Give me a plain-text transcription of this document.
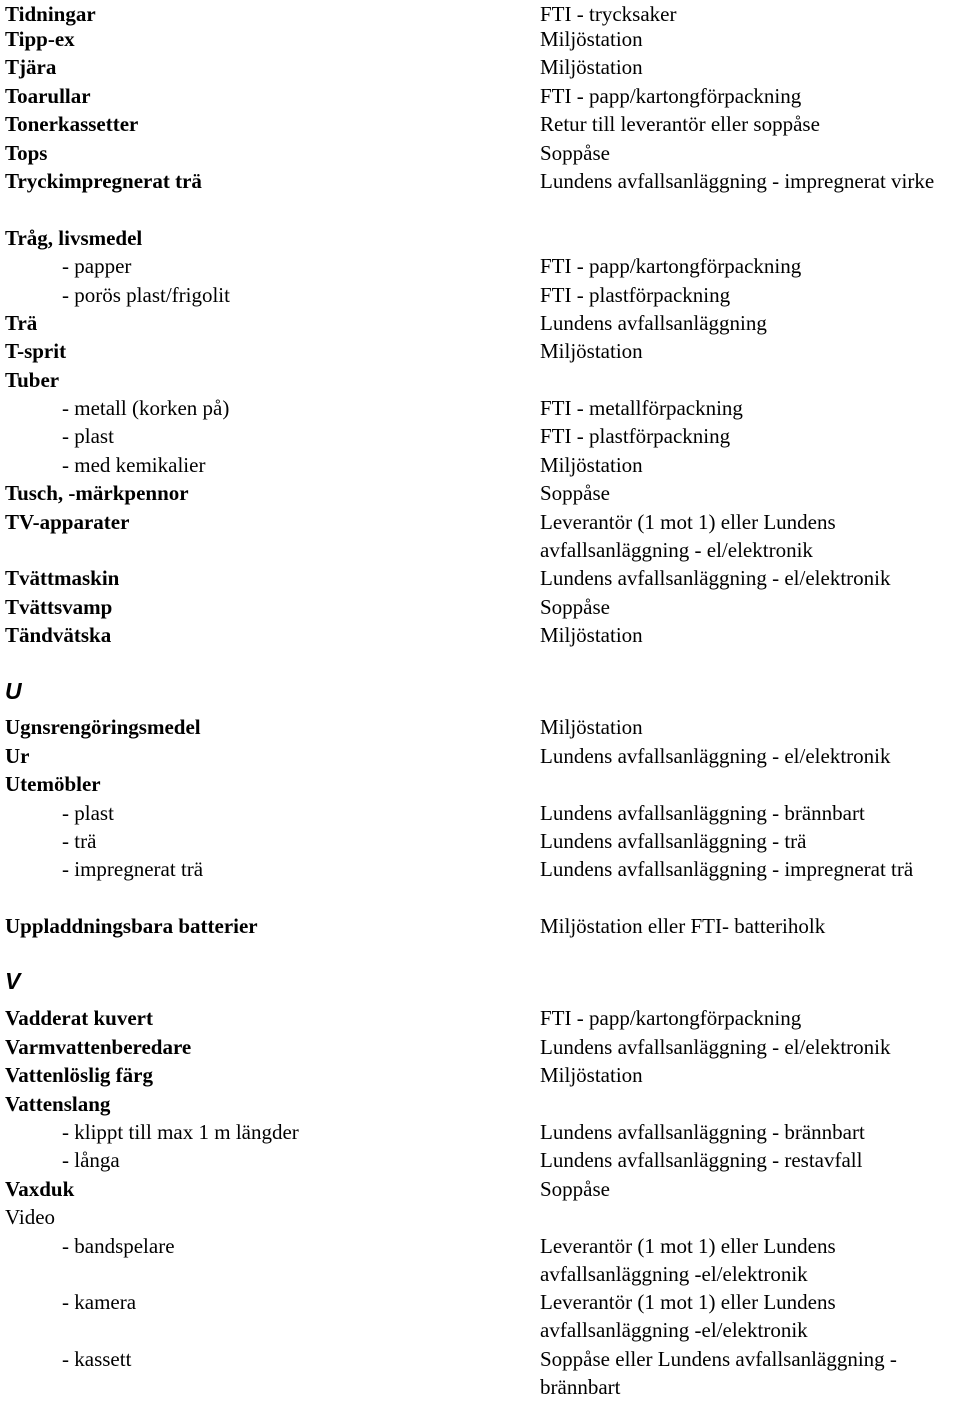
Tidningar	FTI - trycksaker
Tipp-ex	Miljöstation
Tjära	Miljöstation
Toarullar	FTI - papp/kartongförpackning
Tonerkassetter	Retur till leverantör eller soppåse
Tops	Soppåse
Tryckimpregnerat trä	Lundens avfallsanläggning - impregnerat virke
Tråg, livsmedel
- papper	FTI - papp/kartongförpackning
- porös plast/frigolit	FTI - plastförpackning
Trä	Lundens avfallsanläggning
T-sprit	Miljöstation
Tuber
- metall (korken på)	FTI - metallförpackning
- plast	FTI - plastförpackning
- med kemikalier	Miljöstation
Tusch, -märkpennor	Soppåse
TV-apparater	Leverantör (1 mot 1) eller Lundens avfallsanläggning - el/elektronik
Tvättmaskin	Lundens avfallsanläggning - el/elektronik
Tvättsvamp	Soppåse
Tändvätska	Miljöstation
U
Ugnsrengöringsmedel	Miljöstation
Ur	Lundens avfallsanläggning - el/elektronik
Utemöbler
- plast	Lundens avfallsanläggning - brännbart
- trä	Lundens avfallsanläggning - trä
- impregnerat trä	Lundens avfallsanläggning - impregnerat trä
Uppladdningsbara batterier	Miljöstation eller FTI- batteriholk
V
Vadderat kuvert	FTI - papp/kartongförpackning
Varmvattenberedare	Lundens avfallsanläggning - el/elektronik
Vattenlöslig färg	Miljöstation
Vattenslang
- klippt till max 1 m längder	Lundens avfallsanläggning - brännbart
- långa	Lundens avfallsanläggning - restavfall
Vaxduk	Soppåse
Video
- bandspelare	Leverantör (1 mot 1) eller Lundens avfallsanläggning -el/elektronik
- kamera	Leverantör (1 mot 1) eller Lundens avfallsanläggning -el/elektronik
- kassett	Soppåse eller Lundens avfallsanläggning - brännbart
